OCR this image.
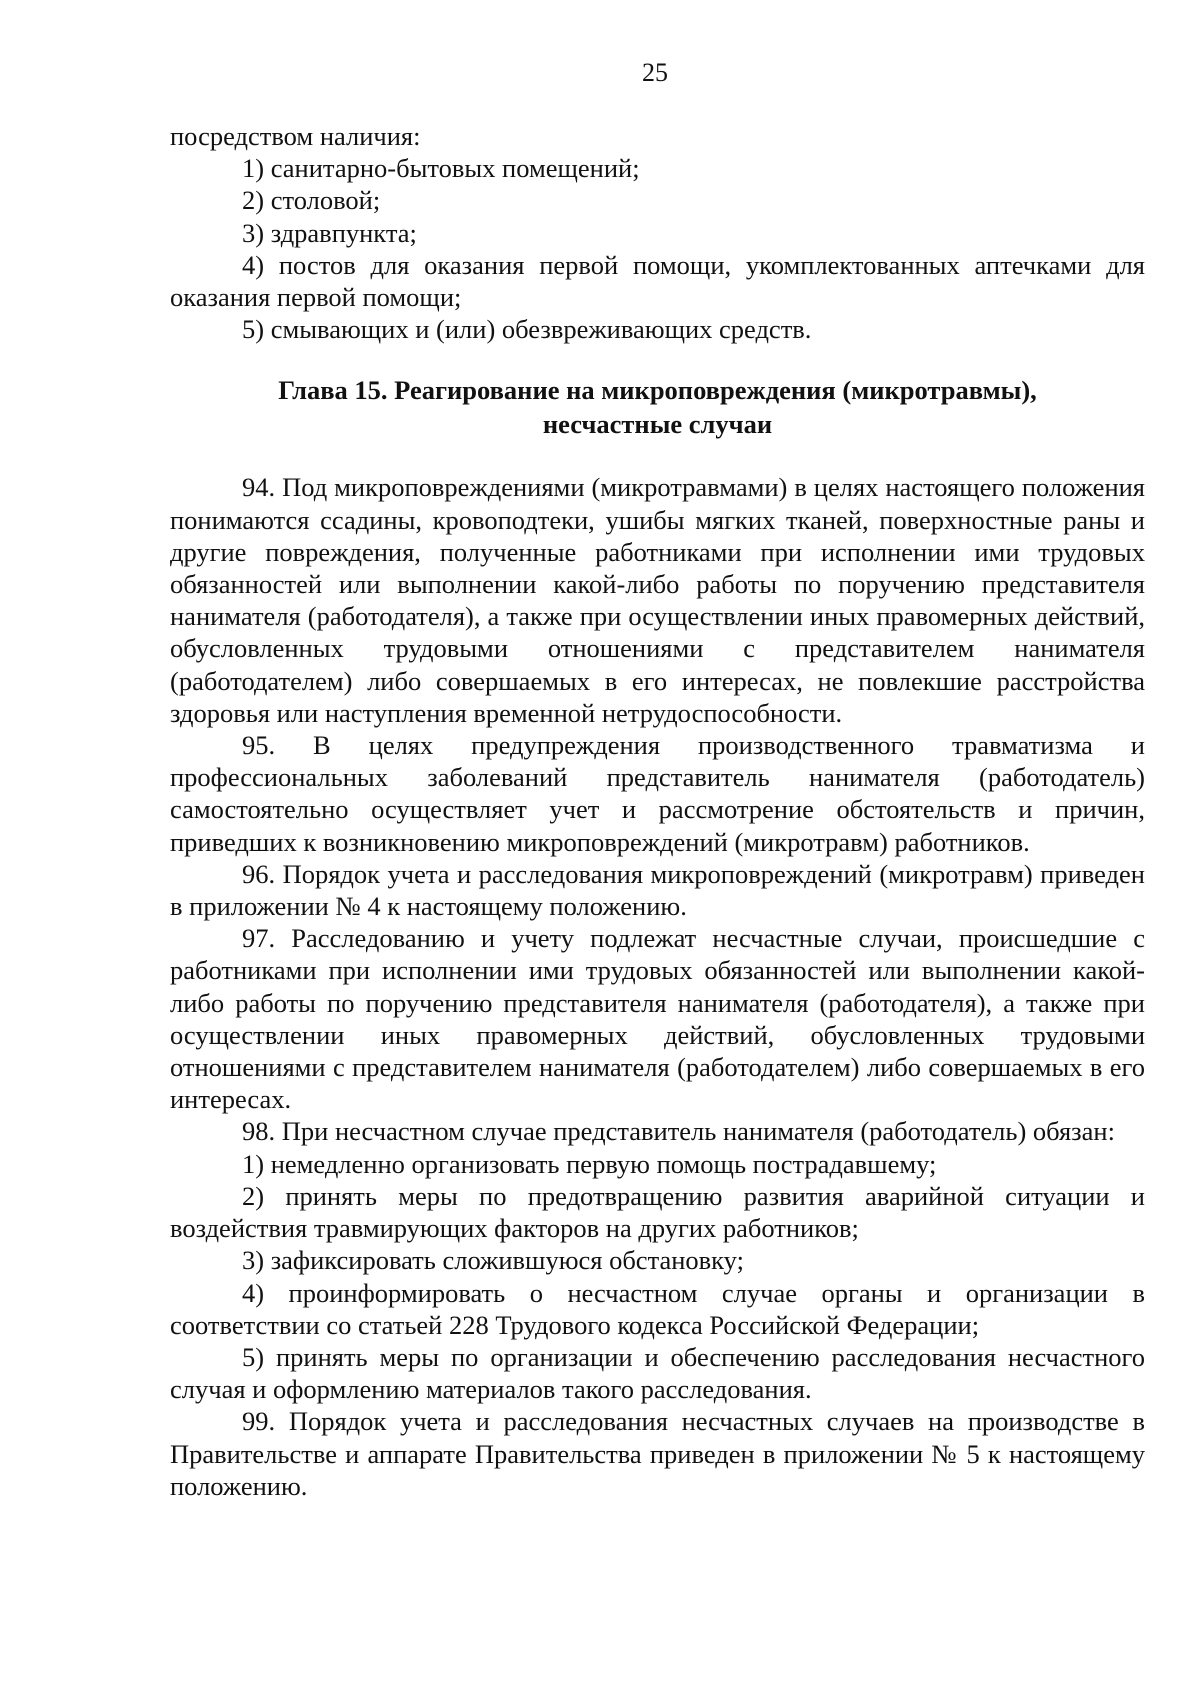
25

посредством наличия:

1) санитарно-бытовых помещений;

2) столовой;

3) здравпункта;

4) постов для оказания первой помощи, укомплектованных аптечками для оказания первой помощи;

5) смывающих и (или) обезвреживающих средств.

Глава 15. Реагирование на микроповреждения (микротравмы),
несчастные случаи

94. Под микроповреждениями (микротравмами) в целях настоящего положения понимаются ссадины, кровоподтеки, ушибы мягких тканей, поверхностные раны и другие повреждения, полученные работниками при исполнении ими трудовых обязанностей или выполнении какой-либо работы по поручению представителя нанимателя (работодателя), а также при осуществлении иных правомерных действий, обусловленных трудовыми отношениями с представителем нанимателя (работодателем) либо совершаемых в его интересах, не повлекшие расстройства здоровья или наступления временной нетрудоспособности.

95. В целях предупреждения производственного травматизма и профессиональных заболеваний представитель нанимателя (работодатель) самостоятельно осуществляет учет и рассмотрение обстоятельств и причин, приведших к возникновению микроповреждений (микротравм) работников.

96. Порядок учета и расследования микроповреждений (микротравм) приведен в приложении № 4 к настоящему положению.

97. Расследованию и учету подлежат несчастные случаи, происшедшие с работниками при исполнении ими трудовых обязанностей или выполнении какой-либо работы по поручению представителя нанимателя (работодателя), а также при осуществлении иных правомерных действий, обусловленных трудовыми отношениями с представителем нанимателя (работодателем) либо совершаемых в его интересах.

98. При несчастном случае представитель нанимателя (работодатель) обязан:

1) немедленно организовать первую помощь пострадавшему;

2) принять меры по предотвращению развития аварийной ситуации и воздействия травмирующих факторов на других работников;

3) зафиксировать сложившуюся обстановку;

4) проинформировать о несчастном случае органы и организации в соответствии со статьей 228 Трудового кодекса Российской Федерации;

5) принять меры по организации и обеспечению расследования несчастного случая и оформлению материалов такого расследования.

99. Порядок учета и расследования несчастных случаев на производстве в Правительстве и аппарате Правительства приведен в приложении № 5 к настоящему положению.
